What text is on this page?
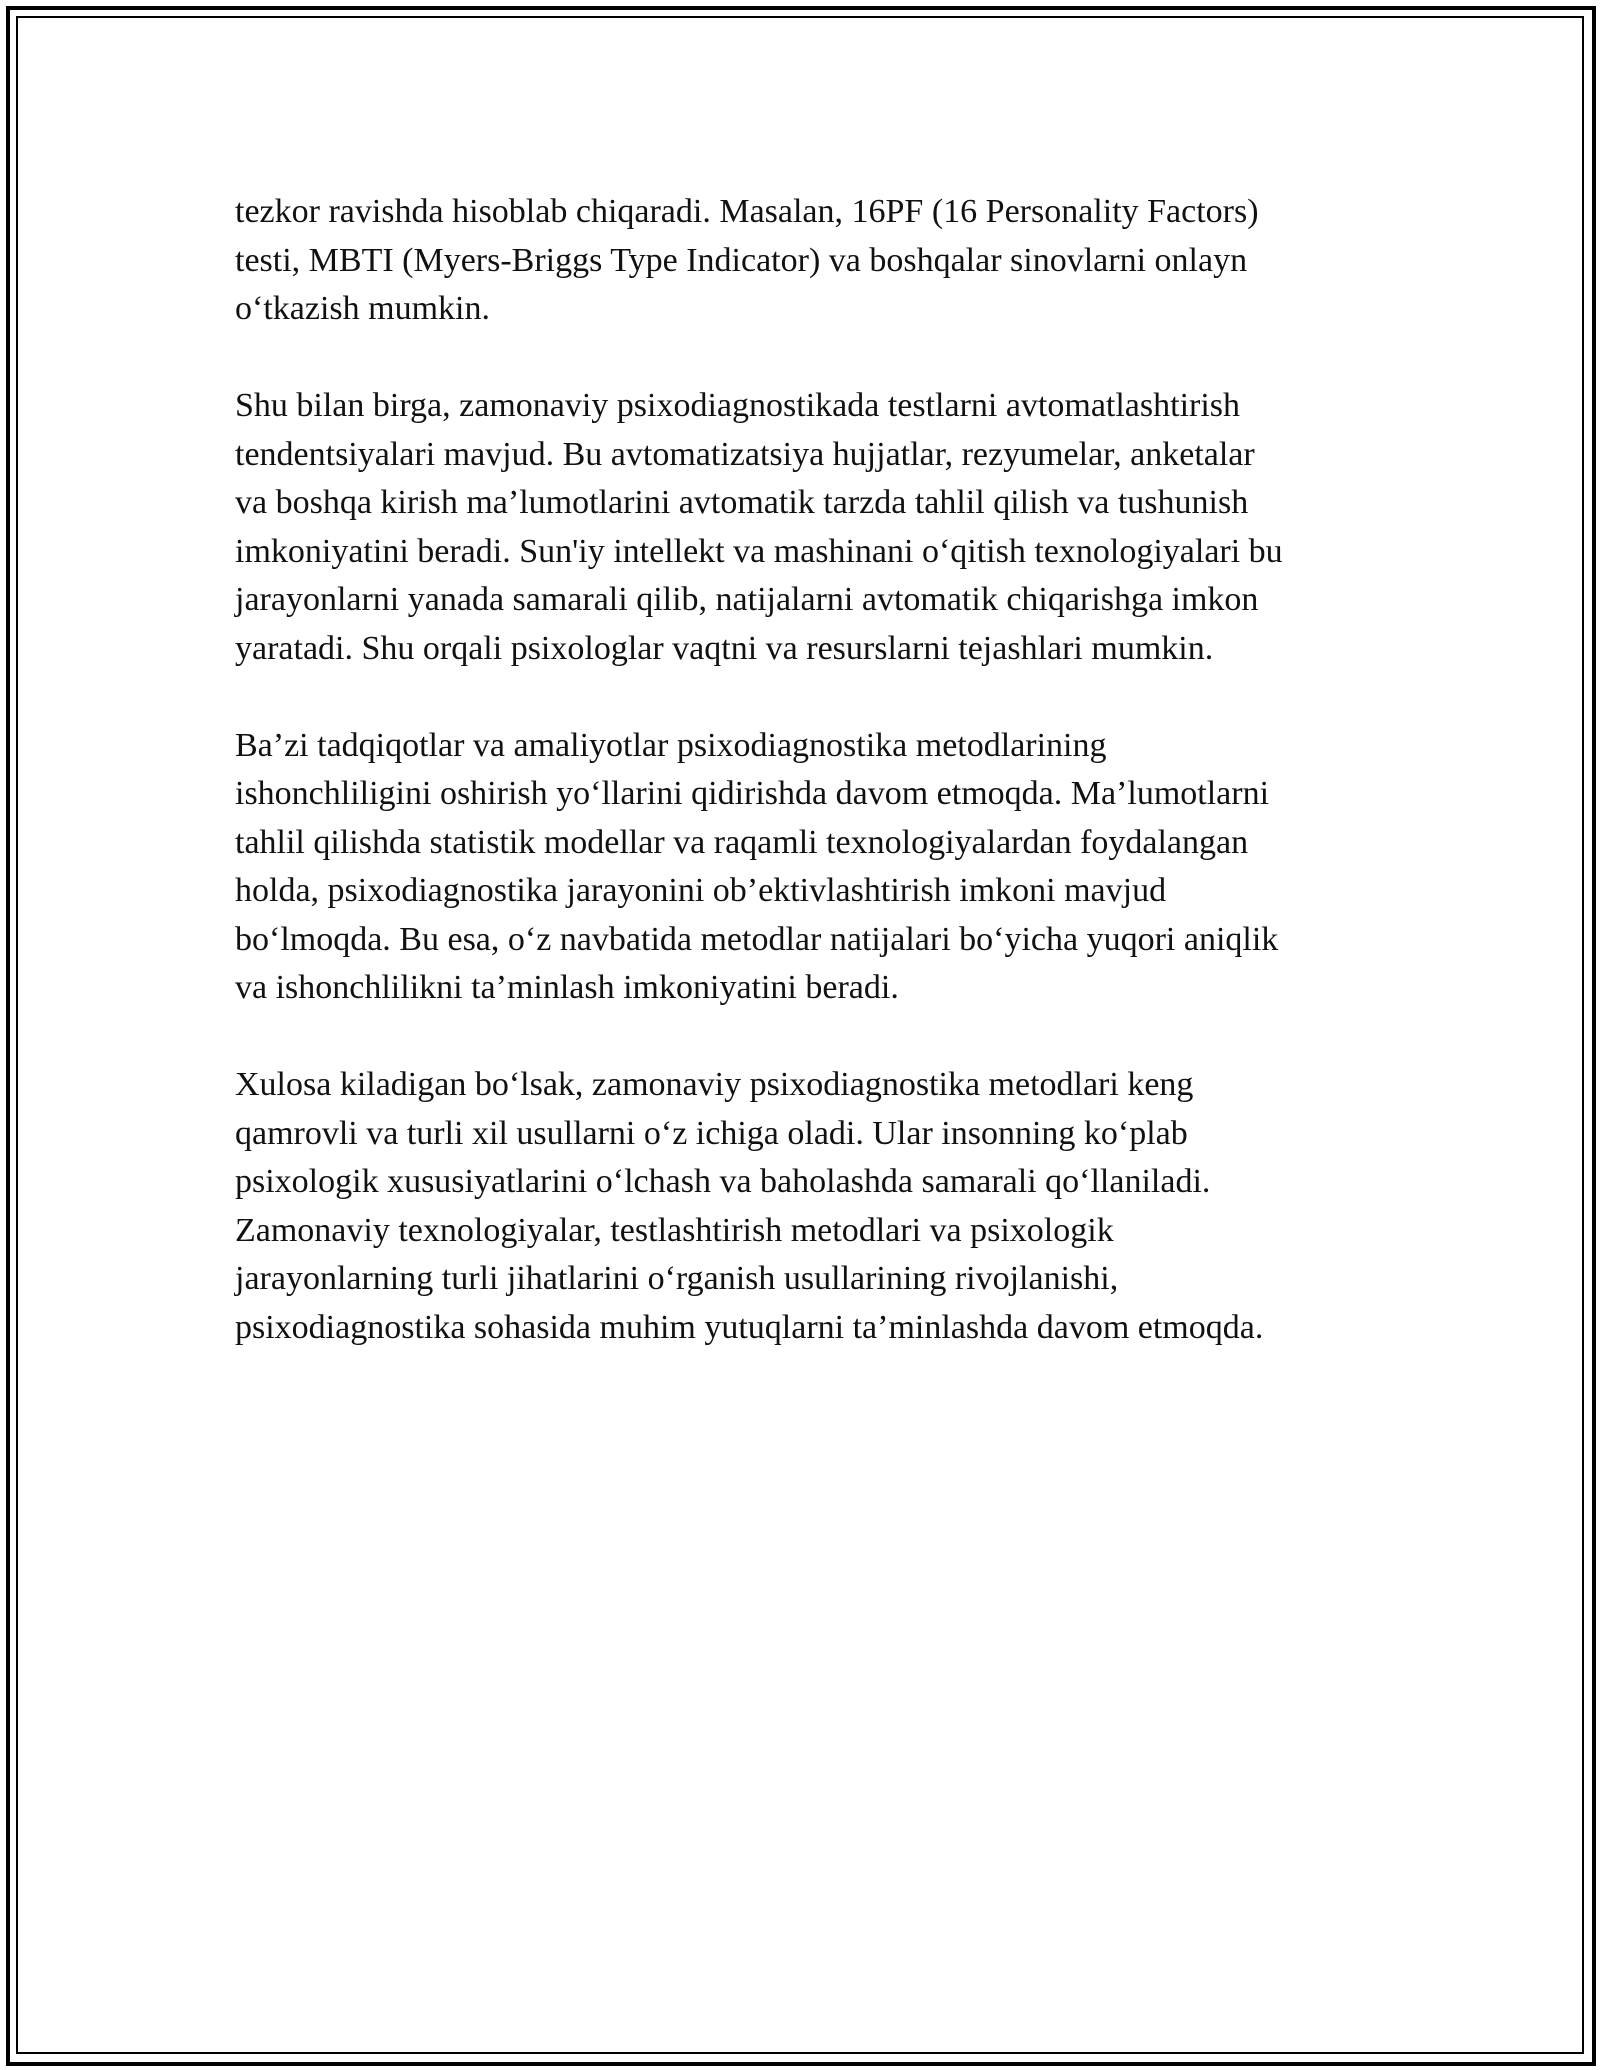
tezkor ravishda hisoblab chiqaradi. Masalan, 16PF (16 Personality Factors)
testi, MBTI (Myers-Briggs Type Indicator) va boshqalar sinovlarni onlayn
o‘tkazish mumkin.

Shu bilan birga, zamonaviy psixodiagnostikada testlarni avtomatlashtirish
tendentsiyalari mavjud. Bu avtomatizatsiya hujjatlar, rezyumelar, anketalar
va boshqa kirish ma’lumotlarini avtomatik tarzda tahlil qilish va tushunish
imkoniyatini beradi. Sun'iy intellekt va mashinani o‘qitish texnologiyalari bu
jarayonlarni yanada samarali qilib, natijalarni avtomatik chiqarishga imkon
yaratadi. Shu orqali psixologlar vaqtni va resurslarni tejashlari mumkin.

Ba’zi tadqiqotlar va amaliyotlar psixodiagnostika metodlarining
ishonchliligini oshirish yo‘llarini qidirishda davom etmoqda. Ma’lumotlarni
tahlil qilishda statistik modellar va raqamli texnologiyalardan foydalangan
holda, psixodiagnostika jarayonini ob’ektivlashtirish imkoni mavjud
bo‘lmoqda. Bu esa, o‘z navbatida metodlar natijalari bo‘yicha yuqori aniqlik
va ishonchlilikni ta’minlash imkoniyatini beradi.

Xulosa kiladigan bo‘lsak, zamonaviy psixodiagnostika metodlari keng
qamrovli va turli xil usullarni o‘z ichiga oladi. Ular insonning ko‘plab
psixologik xususiyatlarini o‘lchash va baholashda samarali qo‘llaniladi.
Zamonaviy texnologiyalar, testlashtirish metodlari va psixologik
jarayonlarning turli jihatlarini o‘rganish usullarining rivojlanishi,
psixodiagnostika sohasida muhim yutuqlarni ta’minlashda davom etmoqda.
